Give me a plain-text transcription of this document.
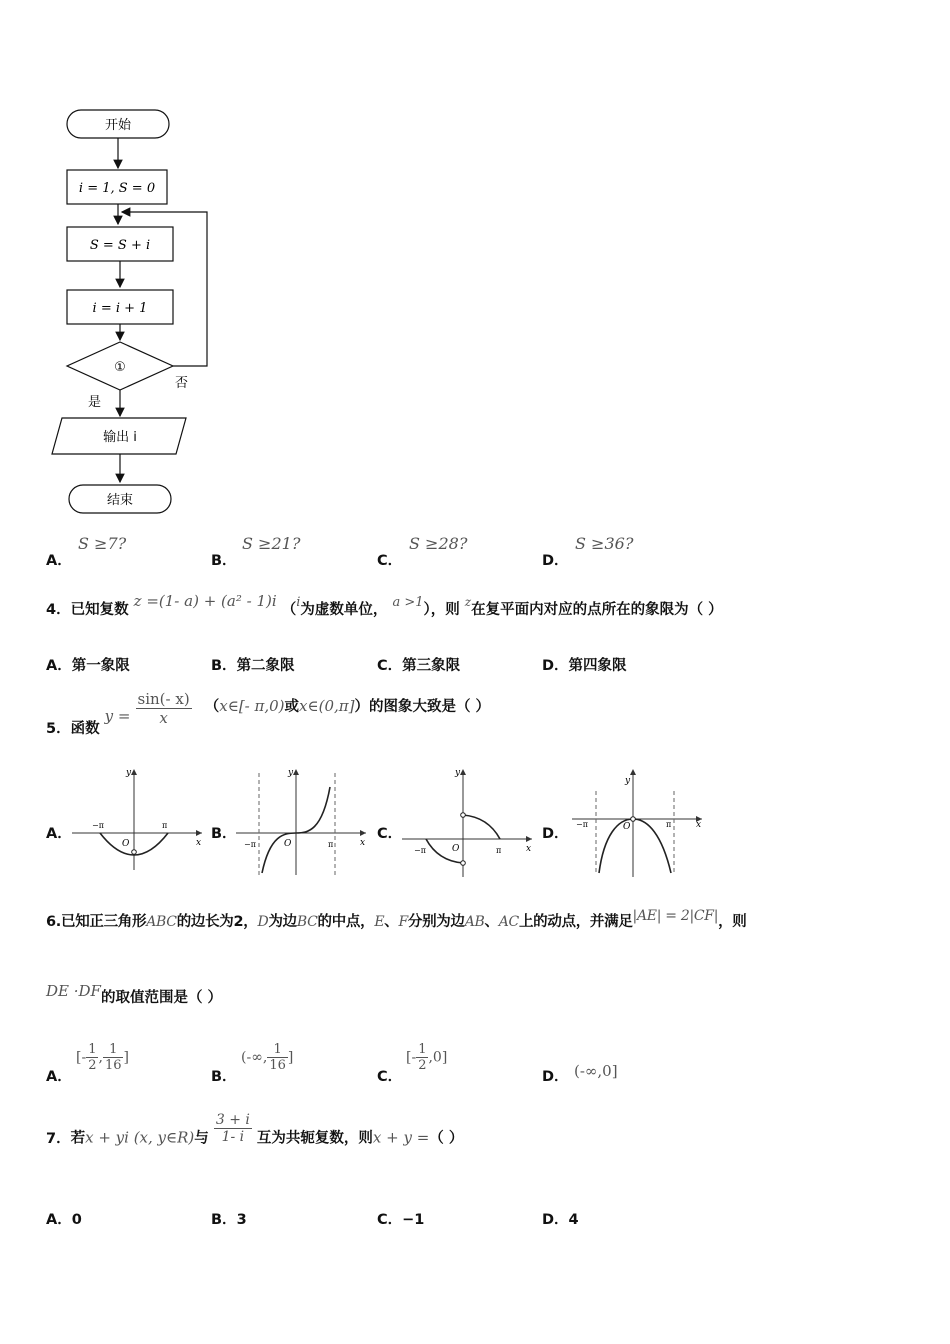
开始
i = 1, S = 0
S = S + i
i = i + 1
①
否
是
输出 i
结束
A．
S ≥7?
B．
S ≥21?
C．
S ≥28?
D．
S ≥36?
4．已知复数 z =(1- a) + (a² - 1)i （i为虚数单位， a >1），则 $^z$在复平面内对应的点所在的象限为（ ）
A．第一象限	B．第二象限	C．第三象限	D．第四象限
5．函数 $y = \frac{\sin(- x)}{x}$ （x∈[- π,0)或x∈(0,π]）的图象大致是（ ）
A．	B．	C．	D．
y
x
O
−π	π
y
x
O
−π	π
y
x
O
−π	π
y
x
O
−π	π
6.已知正三角形ABC的边长为2，D为边BC的中点，E、F分别为边AB、AC上的动点，并满足|AE| = 2|CF|，则
DE ·DF的取值范围是（ ）
A．
[- $\frac{1}{2}$ , $\frac{1}{16}$ ]
B．
(-∞, $\frac{1}{16}$ ]
C．
[- $\frac{1}{2} ,0$]
D． (-∞,0]
7．若x + yi (x, y∈R)与 $\frac{3 + i}{1- i}$ 互为共轭复数，则x + y =（ ）
A．0	B．3	C．−1	D．4
